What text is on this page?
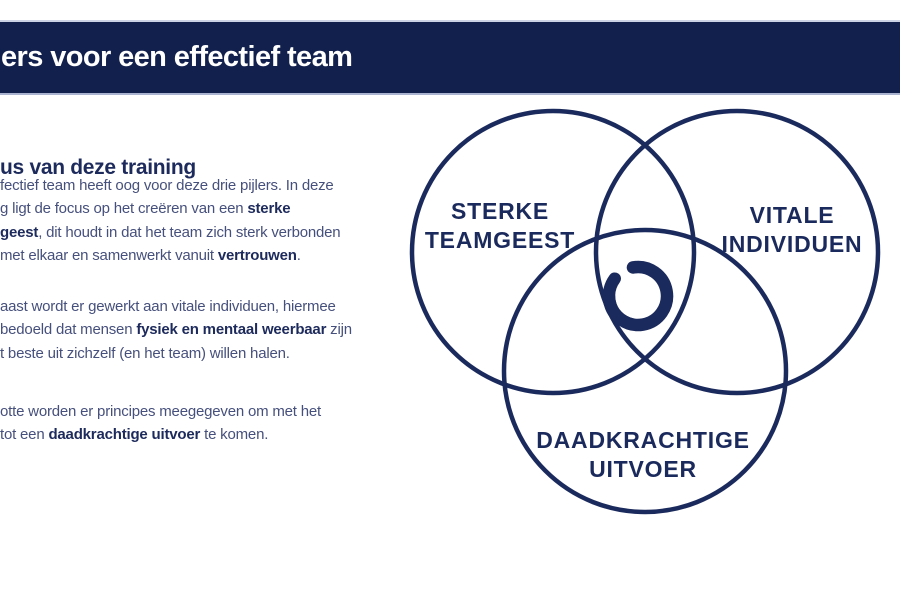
ers voor een effectief team
us van deze training
fectief team heeft oog voor deze drie pijlers. In deze
g ligt de focus op het creëren van een sterke
geest, dit houdt in dat het team zich sterk verbonden
met elkaar en samenwerkt vanuit vertrouwen.
aast wordt er gewerkt aan vitale individuen, hiermee
bedoeld dat mensen fysiek en mentaal weerbaar zijn
t beste uit zichzelf (en het team) willen halen.
otte worden er principes meegegeven om met het
tot een daadkrachtige uitvoer te komen.
STERKE
TEAMGEEST
VITALE
INDIVIDUEN
DAADKRACHTIGE
UITVOER
